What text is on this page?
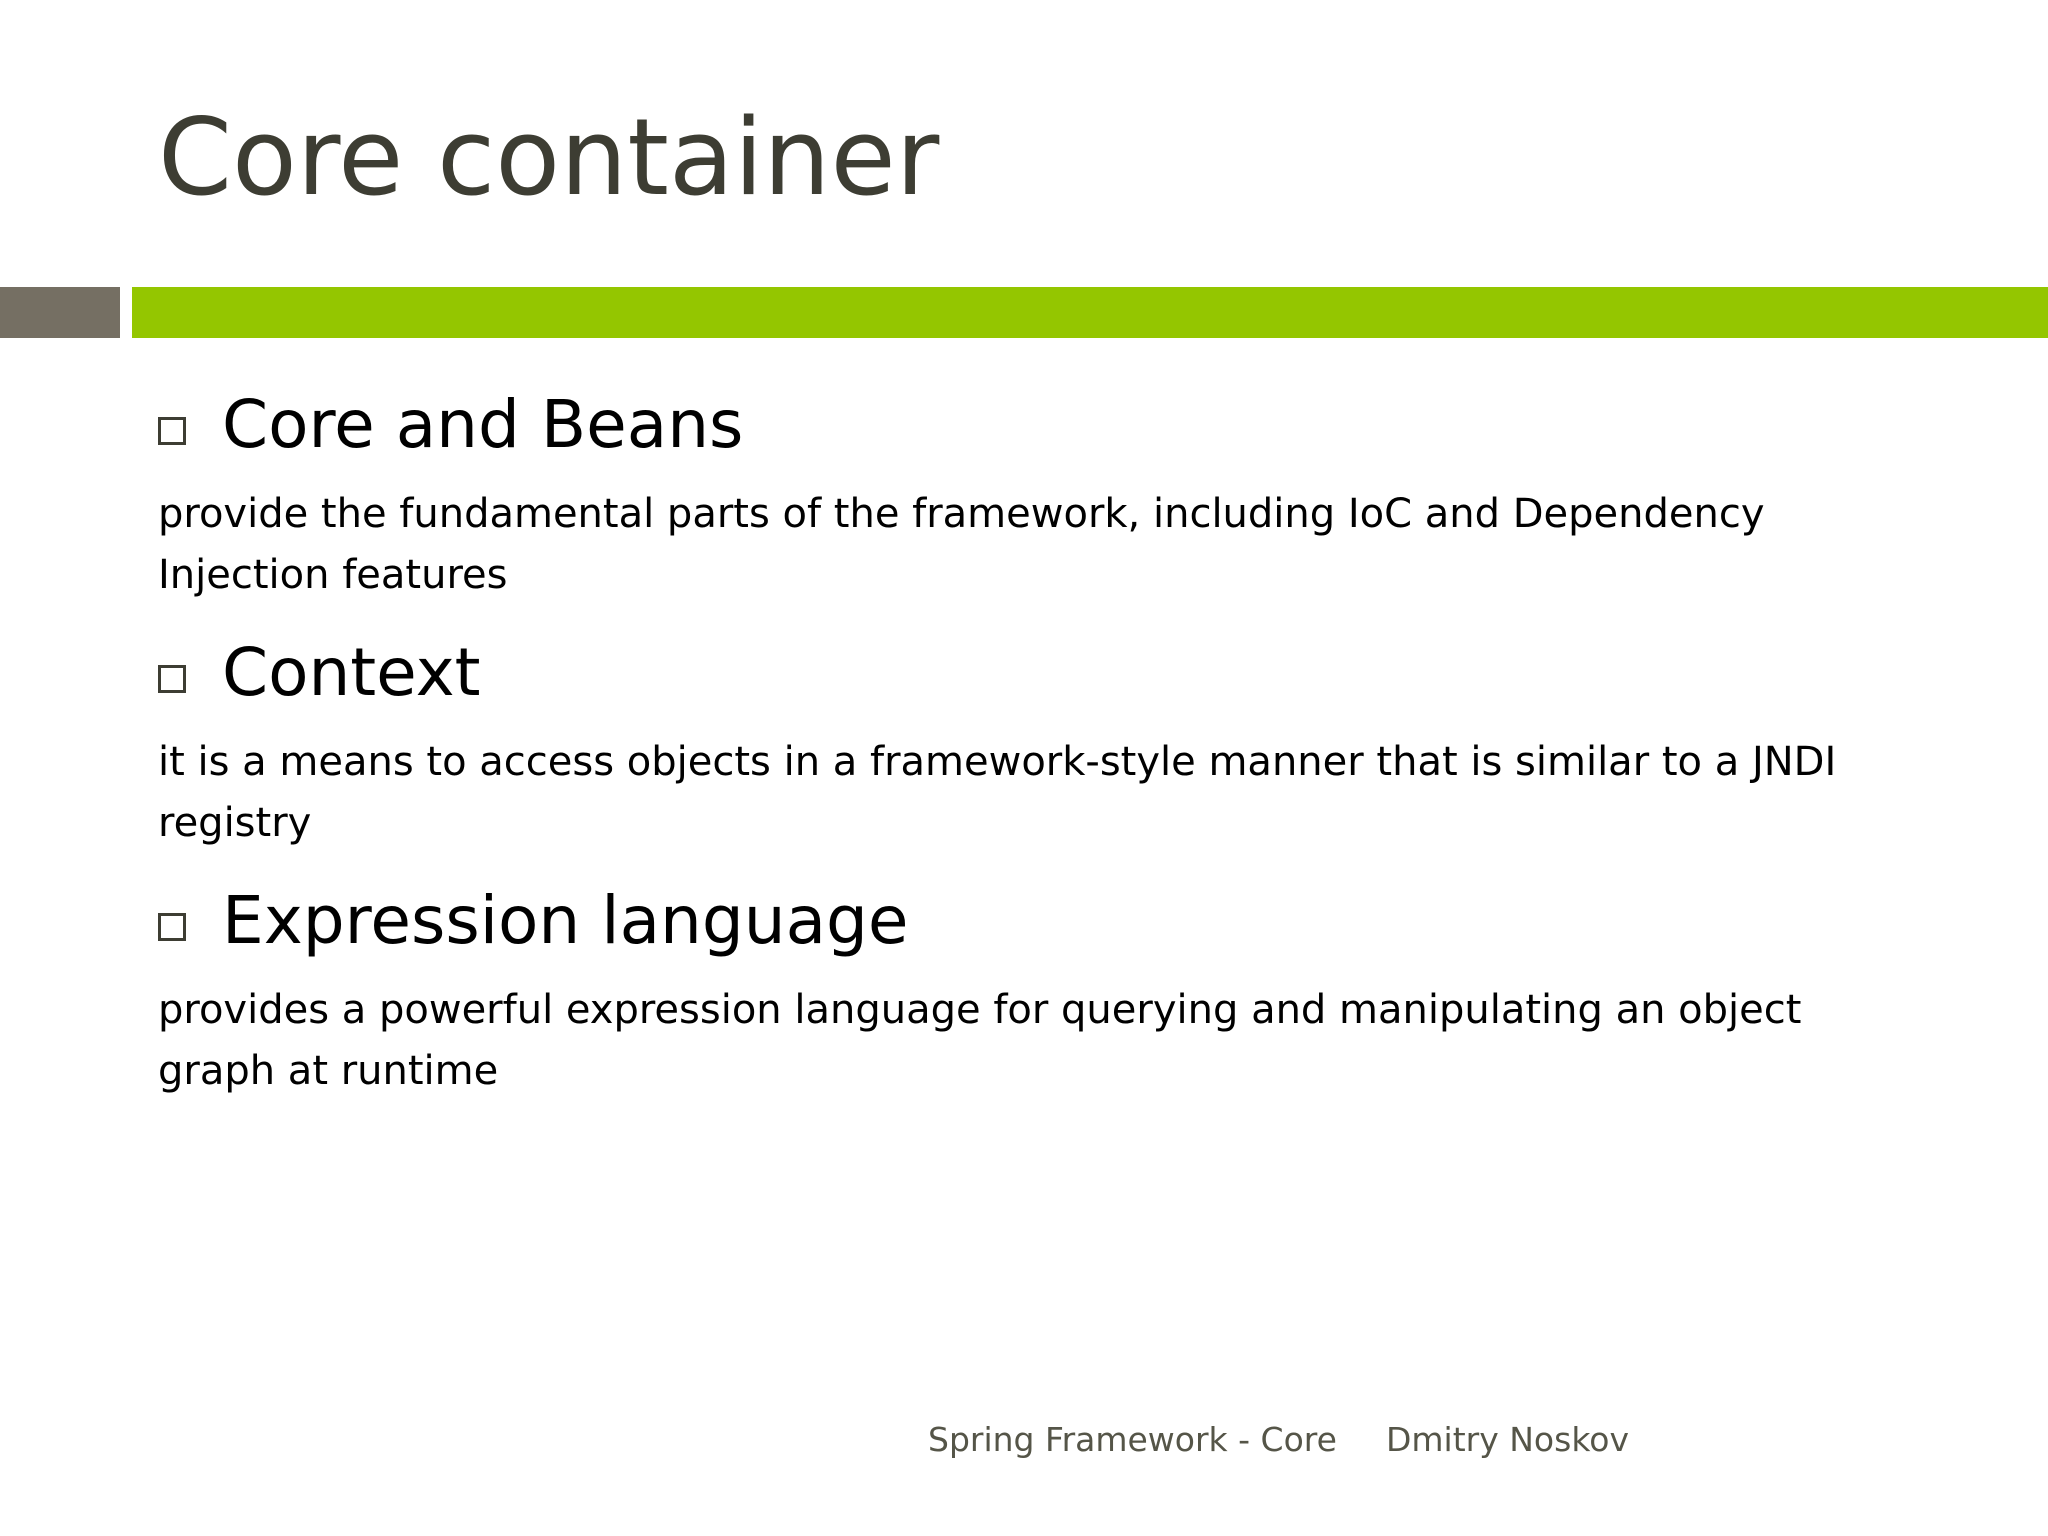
Core container
Core and Beans

provide the fundamental parts of the framework, including IoC and Dependency Injection features

Context

it is a means to access objects in a framework-style manner that is similar to a JNDI registry

Expression language

provides a powerful expression language for querying and manipulating an object graph at runtime

Spring Framework - Core Dmitry Noskov
